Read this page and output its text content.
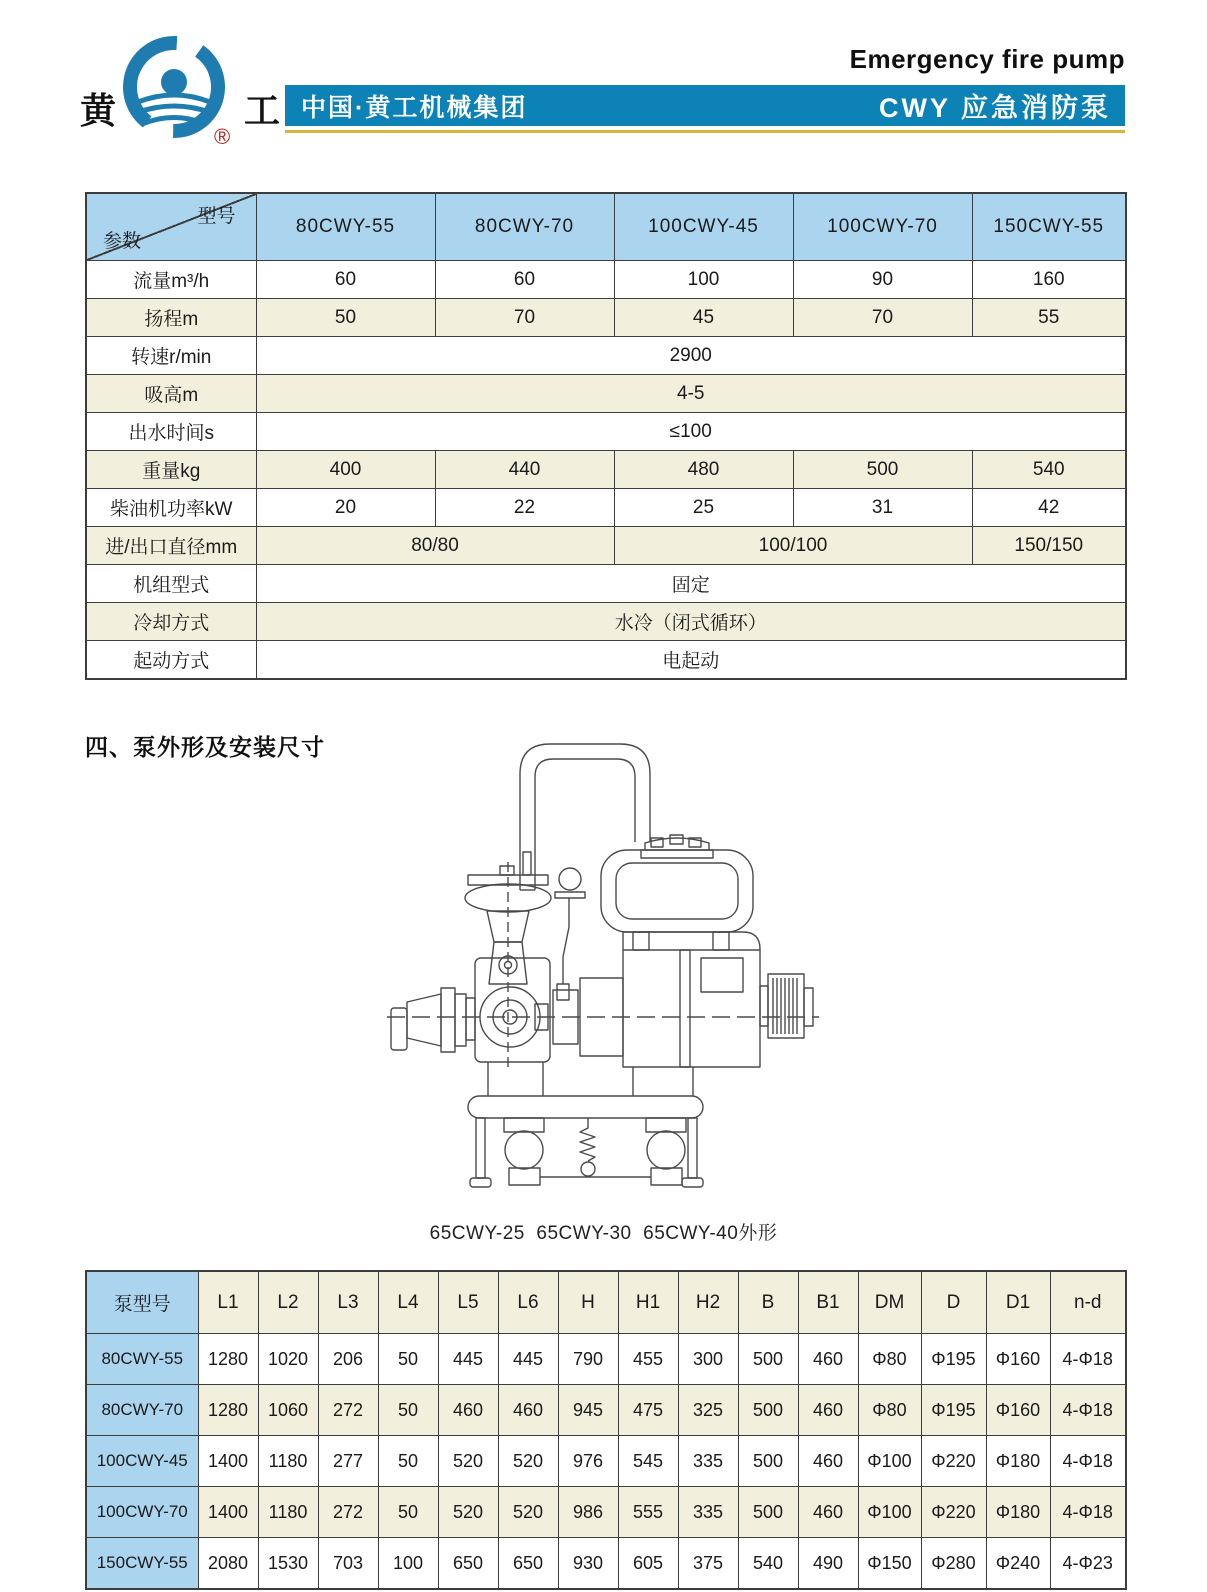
黄	工
®
Emergency fire pump
中国·黄工机械集团	CWY 应急消防泵
型号
参数	80CWY-55	80CWY-70	100CWY-45	100CWY-70	150CWY-55
流量m³/h	60	60	100	90	160
扬程m	50	70	45	70	55
转速r/min	2900				
吸高m	4-5				
出水时间s	≤100				
重量kg	400	440	480	500	540
柴油机功率kW	20	22	25	31	42
进/出口直径mm	80/80		100/100		150/150
机组型式	固定				
冷却方式	水冷（闭式循环）				
起动方式	电起动				
四、泵外形及安装尺寸
65CWY-25  65CWY-30  65CWY-40外形
泵型号	L1	L2	L3	L4	L5	L6	H	H1	H2	B	B1	DM	D	D1	n-d
80CWY-55	1280	1020	206	50	445	445	790	455	300	500	460	Φ80	Φ195	Φ160	4-Φ18
80CWY-70	1280	1060	272	50	460	460	945	475	325	500	460	Φ80	Φ195	Φ160	4-Φ18
100CWY-45	1400	1180	277	50	520	520	976	545	335	500	460	Φ100	Φ220	Φ180	4-Φ18
100CWY-70	1400	1180	272	50	520	520	986	555	335	500	460	Φ100	Φ220	Φ180	4-Φ18
150CWY-55	2080	1530	703	100	650	650	930	605	375	540	490	Φ150	Φ280	Φ240	4-Φ23
